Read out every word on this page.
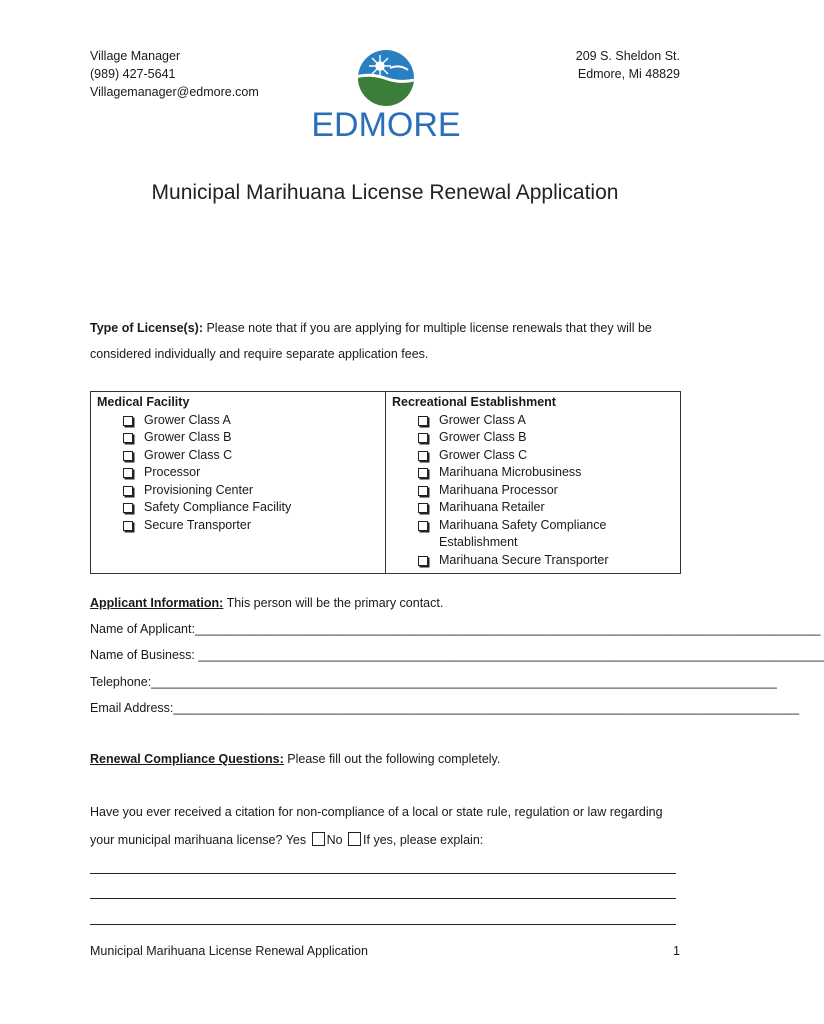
Village Manager
(989) 427-5641
Villagemanager@edmore.com
209 S. Sheldon St.
Edmore, Mi 48829
EDMORE
Municipal Marihuana License Renewal Application
Type of License(s): Please note that if you are applying for multiple license renewals that they will be considered individually and require separate application fees.
Medical Facility
Grower Class A
Grower Class B
Grower Class C
Processor
Provisioning Center
Safety Compliance Facility
Secure Transporter

Recreational Establishment
Grower Class A
Grower Class B
Grower Class C
Marihuana Microbusiness
Marihuana Processor
Marihuana Retailer
Marihuana Safety Compliance Establishment
Marihuana Secure Transporter
Applicant Information: This person will be the primary contact.
Name of Applicant:__________________________________________________________________________________________
Name of Business: __________________________________________________________________________________________
Telephone:__________________________________________________________________________________________
Email Address:__________________________________________________________________________________________
Renewal Compliance Questions: Please fill out the following completely.
Have you ever received a citation for non-compliance of a local or state rule, regulation or law regarding
your municipal marihuana license? Yes No If yes, please explain:
Municipal Marihuana License Renewal Application	1
